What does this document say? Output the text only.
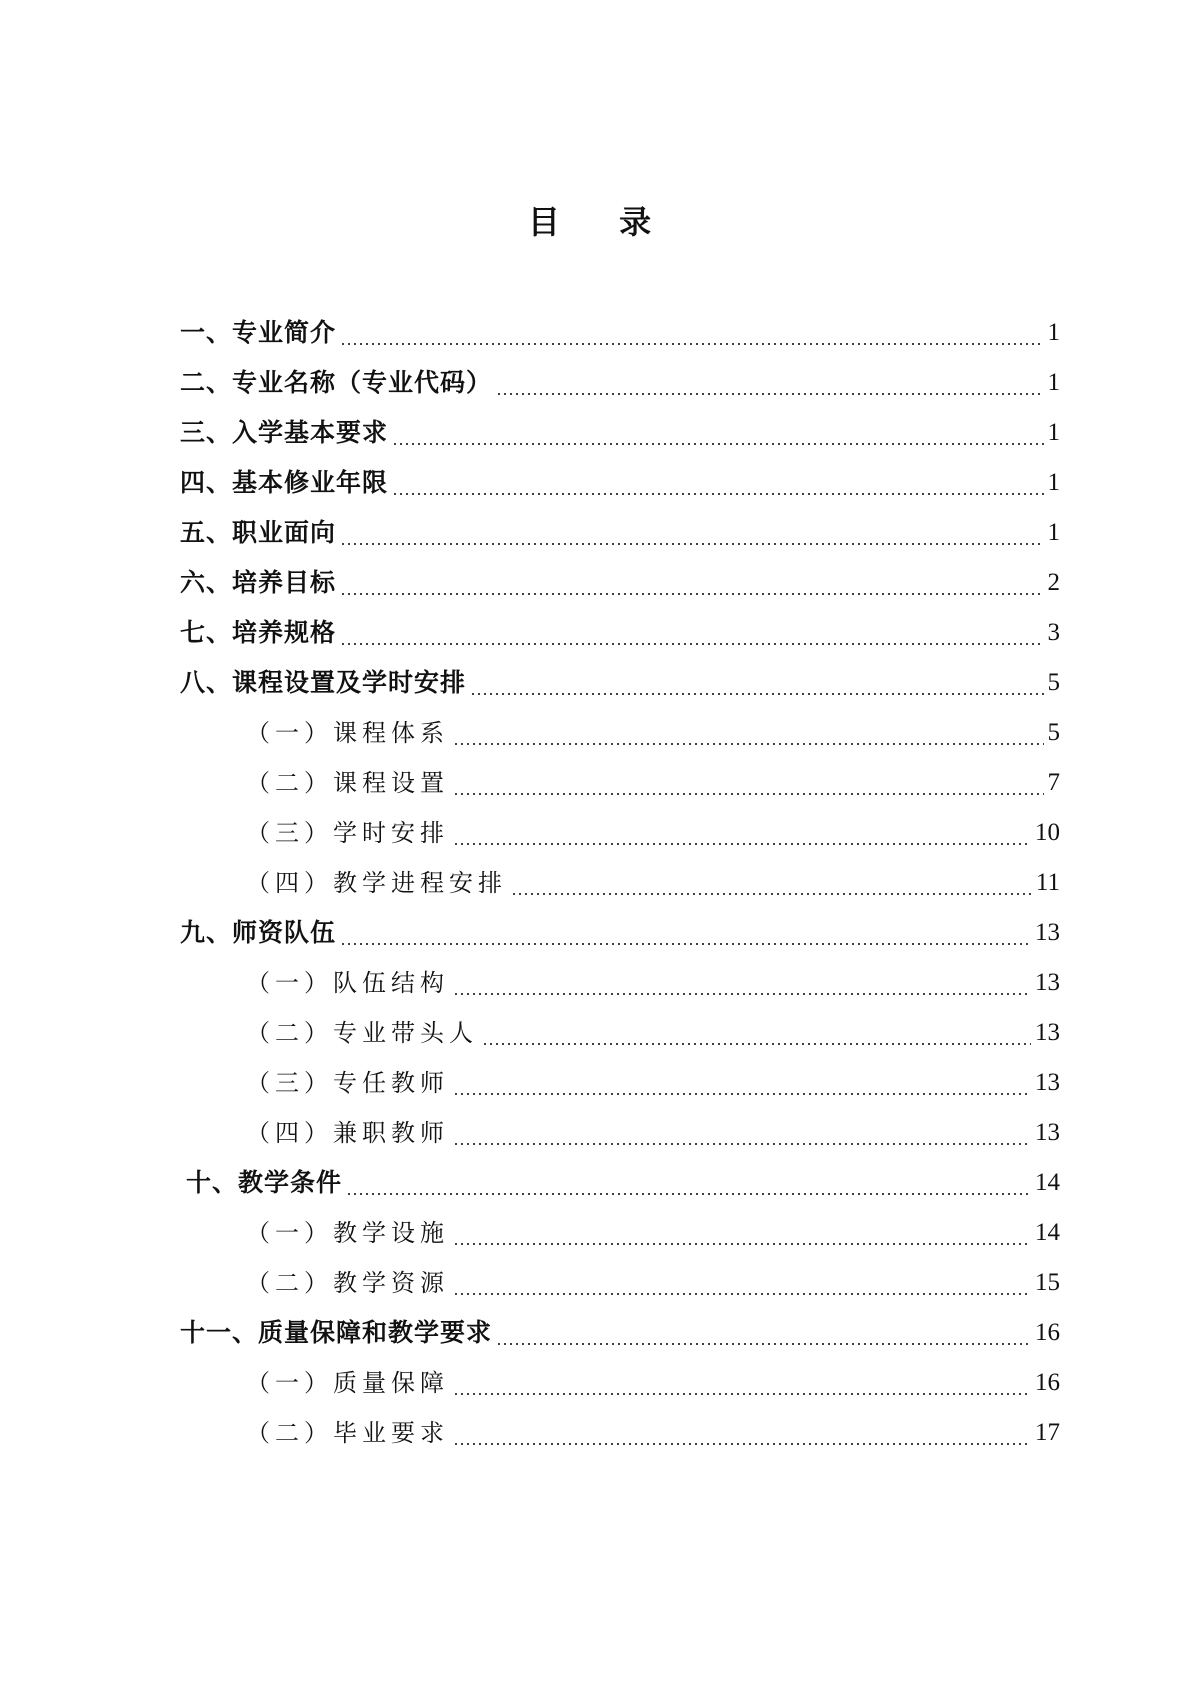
目 录
一、专业简介	1
二、专业名称（专业代码）	1
三、入学基本要求	1
四、基本修业年限	1
五、职业面向	1
六、培养目标	2
七、培养规格	3
八、课程设置及学时安排	5
（一）课程体系	5
（二）课程设置	7
（三）学时安排	10
（四）教学进程安排	11
九、师资队伍	13
（一）队伍结构	13
（二）专业带头人	13
（三）专任教师	13
（四）兼职教师	13
十、教学条件	14
（一）教学设施	14
（二）教学资源	15
十一、质量保障和教学要求	16
（一）质量保障	16
（二）毕业要求	17
